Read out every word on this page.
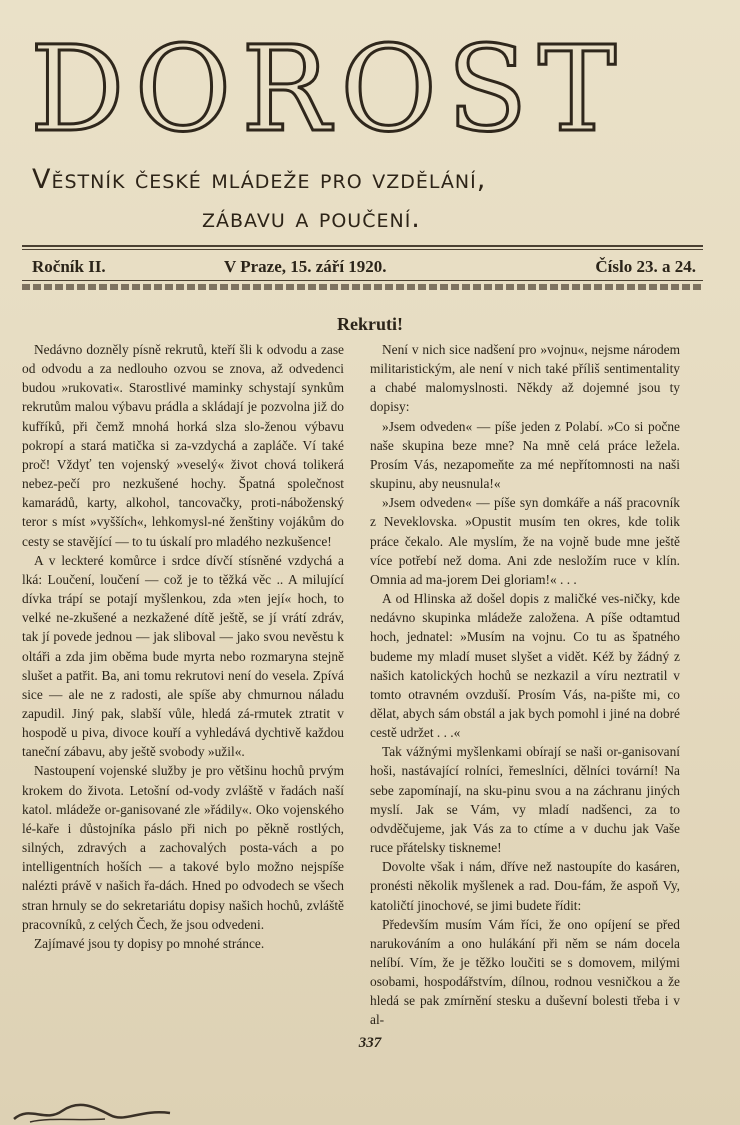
DOROST
Věstník české mládeže pro vzdělání,
zábavu a poučení.
Ročník II.	V Praze, 15. září 1920.	Číslo 23. a 24.
Rekruti!

Nedávno dozněly písně rekrutů, kteří šli k odvodu a zase od odvodu a za nedlouho ozvou se znova, až odvedenci budou »rukovati«. Starostlivé maminky schystají synkům rekrutům malou výbavu prádla a skládají je pozvolna již do kufříků, při čemž mnohá horká slza slo-ženou výbavu pokropí a stará matička si za-vzdychá a zapláče. Ví také proč! Vždyť ten vojenský »veselý« život chová tolikerá nebez-pečí pro nezkušené hochy. Špatná společnost kamarádů, karty, alkohol, tancovačky, proti-náboženský teror s míst »vyšších«, lehkomysl-né ženštiny vojákům do cesty se stavějící — to tu úskalí pro mladého nezkušence!

A v leckteré komůrce i srdce dívčí stísněné vzdychá a lká: Loučení, loučení — což je to těžká věc .. A milující dívka trápí se potají myšlenkou, zda »ten její« hoch, to velké ne-zkušené a nezkažené dítě ještě, se jí vrátí zdráv, tak jí povede jednou — jak sliboval — jako svou nevěstu k oltáři a zda jim oběma bude myrta nebo rozmaryna stejně slušet a patřit. Ba, ani tomu rekrutovi není do vesela. Zpívá sice — ale ne z radosti, ale spíše aby chmurnou náladu zapudil. Jiný pak, slabší vůle, hledá zá-rmutek ztratit v hospodě u piva, divoce kouří a vyhledává dychtivě každou taneční zábavu, aby ještě svobody »užil«.

Nastoupení vojenské služby je pro většinu hochů prvým krokem do života. Letošní od-vody zvláště v řadách naší katol. mládeže or-ganisované zle »řádily«. Oko vojenského lé-kaře i důstojníka páslo při nich po pěkně rostlých, silných, zdravých a zachovalých posta-vách a po intelligentních hoších — a takové bylo možno nejspíše nalézti právě v našich řa-dách. Hned po odvodech se všech stran hrnuly se do sekretariátu dopisy našich hochů, zvláště pracovníků, z celých Čech, že jsou odvedeni.

Zajímavé jsou ty dopisy po mnohé stránce.

Není v nich sice nadšení pro »vojnu«, nejsme národem militaristickým, ale není v nich také příliš sentimentality a chabé malomyslnosti. Někdy až dojemné jsou ty dopisy:

»Jsem odveden« — píše jeden z Polabí. »Co si počne naše skupina beze mne? Na mně celá práce ležela. Prosím Vás, nezapomeňte za mé nepřítomnosti na naši skupinu, aby neusnula!«

»Jsem odveden« — píše syn domkáře a náš pracovník z Neveklovska. »Opustit musím ten okres, kde tolik práce čekalo. Ale myslím, že na vojně bude mne ještě více potřebí než doma. Ani zde nesložím ruce v klín. Omnia ad ma-jorem Dei gloriam!« . . .

A od Hlinska až došel dopis z maličké ves-ničky, kde nedávno skupinka mládeže založena. A píše odtamtud hoch, jednatel: »Musím na vojnu. Co tu as špatného budeme my mladí muset slyšet a vidět. Kéž by žádný z našich katolických hochů se nezkazil a víru neztratil v tomto otravném ovzduší. Prosím Vás, na-pište mi, co dělat, abych sám obstál a jak bych pomohl i jiné na dobré cestě udržet . . .«

Tak vážnými myšlenkami obírají se naši or-ganisovaní hoši, nastávající rolníci, řemeslníci, dělníci tovární! Na sebe zapomínají, na sku-pinu svou a na záchranu jiných myslí. Jak se Vám, vy mladí nadšenci, za to odvděčujeme, jak Vás za to ctíme a v duchu jak Vaše ruce přátelsky tiskneme!

Dovolte však i nám, dříve než nastoupíte do kasáren, pronésti několik myšlenek a rad. Dou-fám, že aspoň Vy, katoličtí jinochové, se jimi budete řídit:

Především musím Vám říci, že ono opíjení se před narukováním a ono hulákání při něm se nám docela nelíbí. Vím, že je těžko loučiti se s domovem, milými osobami, hospodářstvím, dílnou, rodnou vesničkou a že hledá se pak zmírnění stesku a duševní bolesti třeba i v al-

337
